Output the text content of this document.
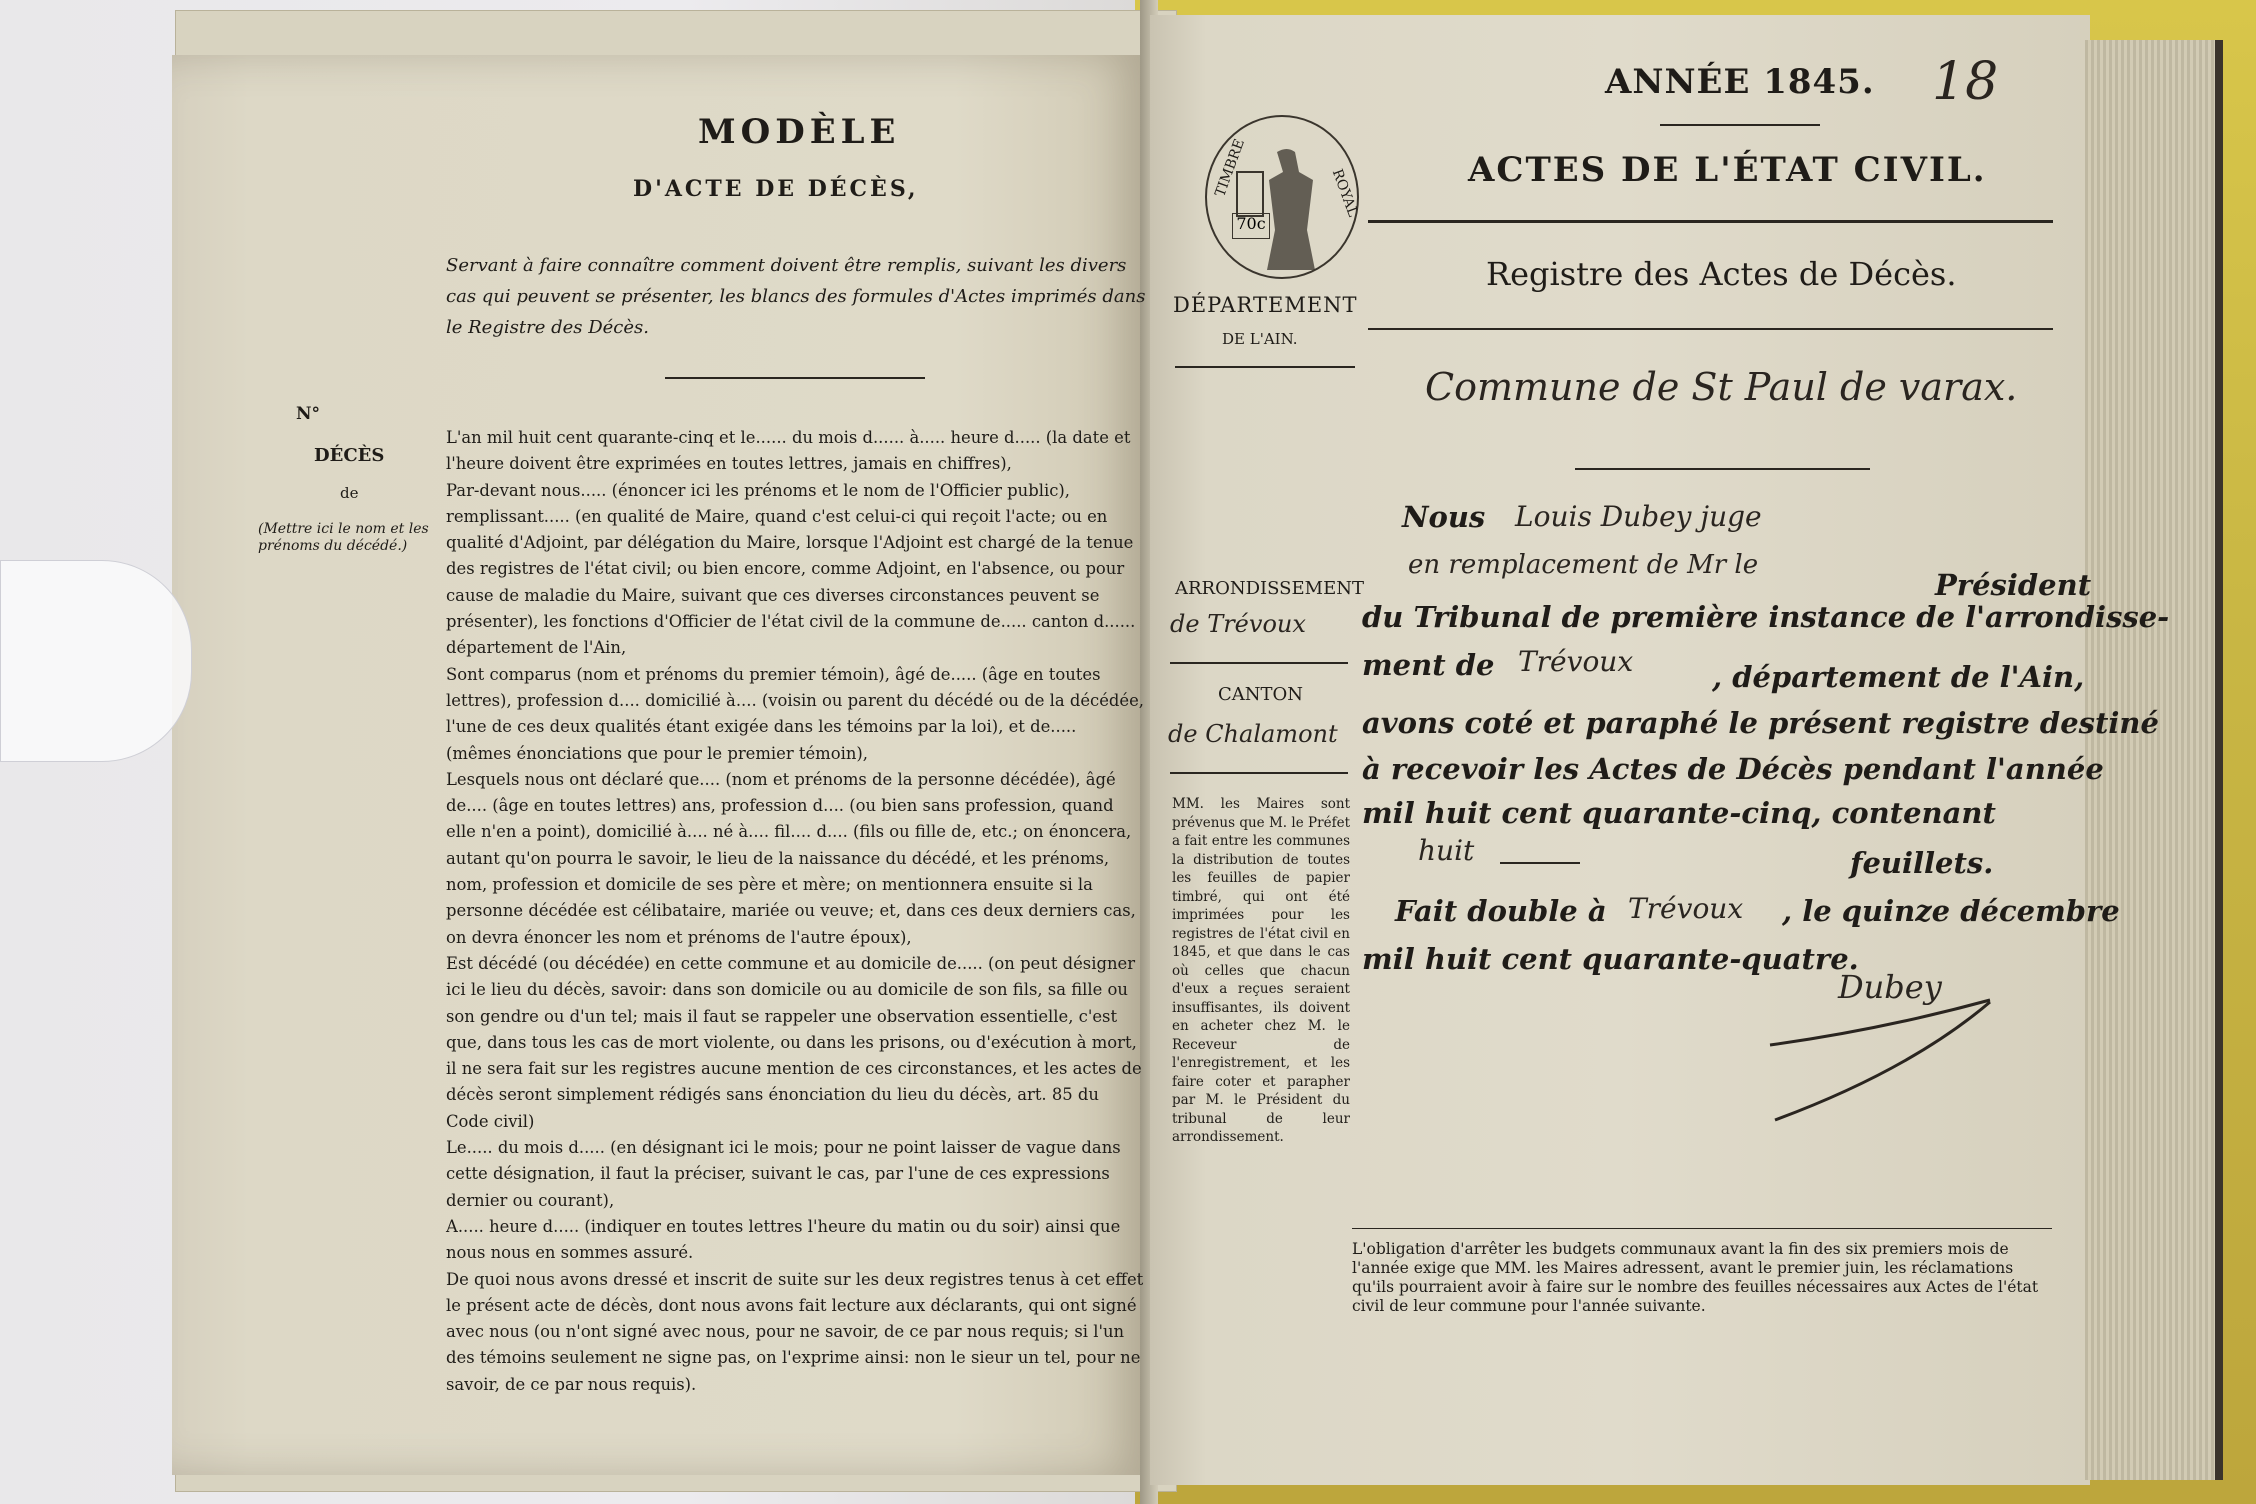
MODÈLE
D'ACTE DE DÉCÈS,
Servant à faire connaître comment doivent être remplis, suivant les divers cas qui peuvent se présenter, les blancs des formules d'Actes imprimés dans le Registre des Décès.
N°
DÉCÈS
de
(Mettre ici le nom et les prénoms du décédé.)

L'an mil huit cent quarante-cinq et le...... du mois d...... à..... heure d..... (la date et l'heure doivent être exprimées en toutes lettres, jamais en chiffres),

Par-devant nous..... (énoncer ici les prénoms et le nom de l'Officier public), remplissant..... (en qualité de Maire, quand c'est celui-ci qui reçoit l'acte; ou en qualité d'Adjoint, par délégation du Maire, lorsque l'Adjoint est chargé de la tenue des registres de l'état civil; ou bien encore, comme Adjoint, en l'absence, ou pour cause de maladie du Maire, suivant que ces diverses circonstances peuvent se présenter), les fonctions d'Officier de l'état civil de la commune de..... canton d...... département de l'Ain,

Sont comparus (nom et prénoms du premier témoin), âgé de..... (âge en toutes lettres), profession d.... domicilié à.... (voisin ou parent du décédé ou de la décédée, l'une de ces deux qualités étant exigée dans les témoins par la loi), et de..... (mêmes énonciations que pour le premier témoin),

Lesquels nous ont déclaré que.... (nom et prénoms de la personne décédée), âgé de.... (âge en toutes lettres) ans, profession d.... (ou bien sans profession, quand elle n'en a point), domicilié à.... né à.... fil.... d.... (fils ou fille de, etc.; on énoncera, autant qu'on pourra le savoir, le lieu de la naissance du décédé, et les prénoms, nom, profession et domicile de ses père et mère; on mentionnera ensuite si la personne décédée est célibataire, mariée ou veuve; et, dans ces deux derniers cas, on devra énoncer les nom et prénoms de l'autre époux),

Est décédé (ou décédée) en cette commune et au domicile de..... (on peut désigner ici le lieu du décès, savoir: dans son domicile ou au domicile de son fils, sa fille ou son gendre ou d'un tel; mais il faut se rappeler une observation essentielle, c'est que, dans tous les cas de mort violente, ou dans les prisons, ou d'exécution à mort, il ne sera fait sur les registres aucune mention de ces circonstances, et les actes de décès seront simplement rédigés sans énonciation du lieu du décès, art. 85 du Code civil)

Le..... du mois d..... (en désignant ici le mois; pour ne point laisser de vague dans cette désignation, il faut la préciser, suivant le cas, par l'une de ces expressions dernier ou courant),

A..... heure d..... (indiquer en toutes lettres l'heure du matin ou du soir) ainsi que nous nous en sommes assuré.

De quoi nous avons dressé et inscrit de suite sur les deux registres tenus à cet effet le présent acte de décès, dont nous avons fait lecture aux déclarants, qui ont signé avec nous (ou n'ont signé avec nous, pour ne savoir, de ce par nous requis; si l'un des témoins seulement ne signe pas, on l'exprime ainsi: non le sieur un tel, pour ne savoir, de ce par nous requis).

TIMBRE	ROYAL
70c
DÉPARTEMENT
DE L'AIN.
ANNÉE 1845. 18
ACTES DE L'ÉTAT CIVIL.
Registre des Actes de Décès.
Commune de St Paul de varax.
ARRONDISSEMENT
de Trévoux
CANTON
de Chalamont
MM. les Maires sont prévenus que M. le Préfet a fait entre les communes la distribution de toutes les feuilles de papier timbré, qui ont été imprimées pour les registres de l'état civil en 1845, et que dans le cas où celles que chacun d'eux a reçues seraient insuffisantes, ils doivent en acheter chez M. le Receveur de l'enregistrement, et les faire coter et parapher par M. le Président du tribunal de leur arrondissement.
Nous Louis Dubey juge
en remplacement de Mr le
Président
du Tribunal de première instance de l'arrondisse-
ment de Trévoux	, département de l'Ain,
avons coté et paraphé le présent registre destiné
à recevoir les Actes de Décès pendant l'année
mil huit cent quarante-cinq, contenant
huit	feuillets.
Fait double à Trévoux , le quinze décembre
mil huit cent quarante-quatre.
Dubey
L'obligation d'arrêter les budgets communaux avant la fin des six premiers mois de l'année exige que MM. les Maires adressent, avant le premier juin, les réclamations qu'ils pourraient avoir à faire sur le nombre des feuilles nécessaires aux Actes de l'état civil de leur commune pour l'année suivante.
